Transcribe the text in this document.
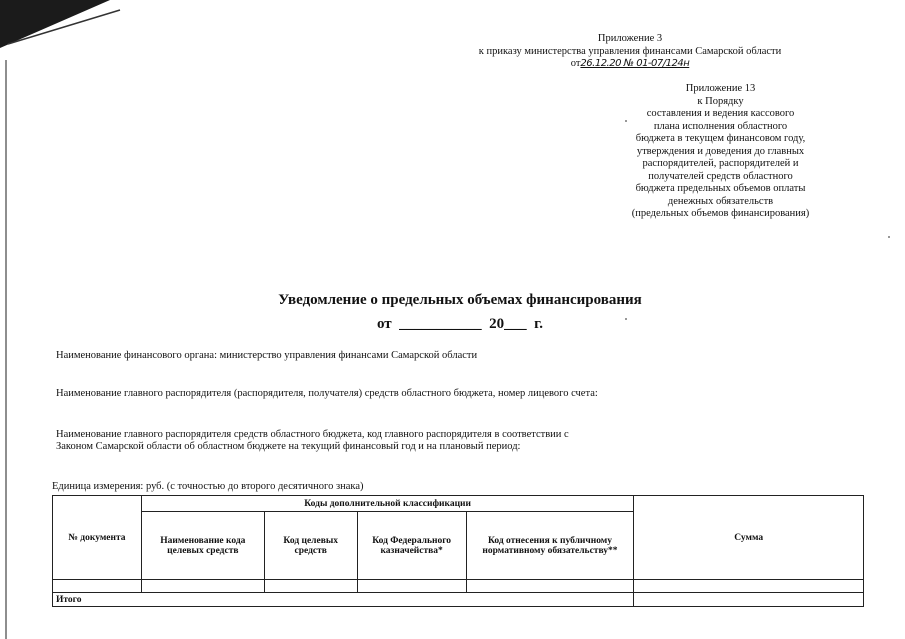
Приложение 3
к приказу министерства управления финансами Самарской области
от26.12.20 № 01-07/124н
Приложение 13
к Порядку
составления и ведения кассового
плана исполнения областного
бюджета в текущем финансовом году,
утверждения и доведения до главных
распорядителей, распорядителей и
получателей средств областного
бюджета предельных объемов оплаты
денежных обязательств
(предельных объемов финансирования)
Уведомление о предельных объемах финансирования
от  ___________  20___  г.
Наименование финансового органа: министерство управления финансами Самарской области
Наименование главного распорядителя (распорядителя, получателя) средств областного бюджета, номер лицевого счета:
Наименование главного распорядителя средств областного бюджета, код главного распорядителя в соответствии с
Законом Самарской области об областном бюджете на текущий финансовый год и на плановый период:
Единица измерения: руб. (с точностью до второго десятичного знака)
№ документа	Коды дополнительной классификации				Сумма
	Наименование кода целевых средств	Код целевых средств	Код Федерального казначейства*	Код отнесения к публичному нормативному обязательству**	

Итого					
